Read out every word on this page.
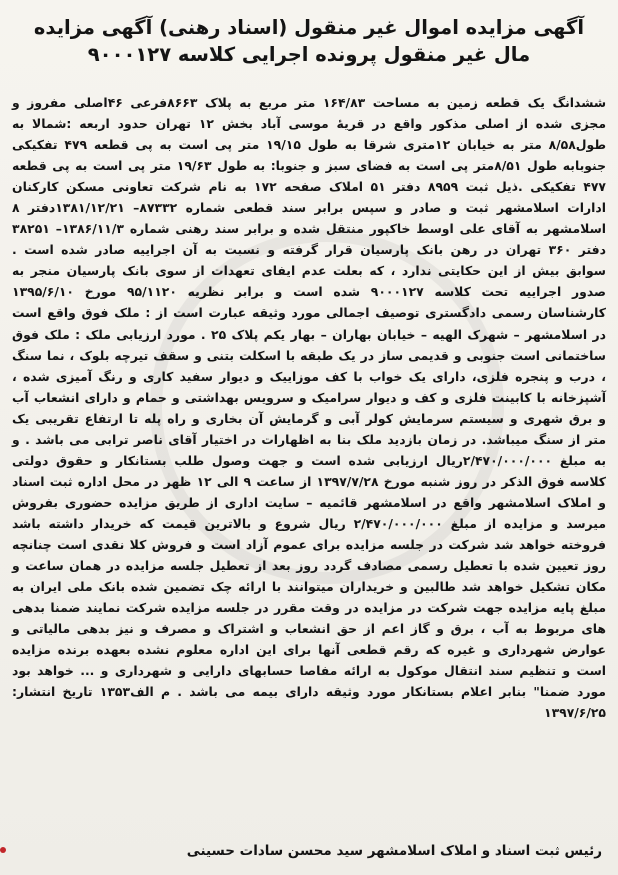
آگهی مزایده اموال غیر منقول (اسناد رهنی) آگهی مزایده مال غیر منقول پرونده اجرایی کلاسه ۹۰۰۰۱۲۷
ششدانگ یک قطعه زمین به مساحت ۱۶۴/۸۳ متر مربع به پلاک ۸۶۶۳فرعی ۴۶اصلی مفروز و مجزی شده از اصلی مذکور واقع در قریهٔ موسی آباد بخش ۱۲ تهران حدود اربعه :شمالا به طول۸/۵۸ متر به خیابان ۱۲متری شرقا به طول ۱۹/۱۵ متر پی است به پی قطعه ۴۷۹ تفکیکی جنوبابه طول ۸/۵۱متر پی است به فضای سبز و جنوبا: به طول ۱۹/۶۳ متر پی است به پی قطعه ۴۷۷ تفکیکی .ذیل ثبت ۸۹۵۹ دفتر ۵۱ املاک صفحه ۱۷۲ به نام شرکت تعاونی مسکن کارکنان ادارات اسلامشهر ثبت و صادر و سپس برابر سند قطعی شماره ۸۷۳۳۲– ۱۳۸۱/۱۲/۲۱دفتر ۸ اسلامشهر به آقای علی اوسط خاکپور منتقل شده و برابر سند رهنی شماره ۱۳۸۶/۱۱/۳– ۳۸۲۵۱ دفتر ۳۶۰ تهران در رهن بانک پارسیان قرار گرفته و نسبت به آن اجراییه صادر شده است . سوابق بیش از این حکایتی ندارد ، که بعلت عدم ایفای تعهدات از سوی بانک پارسیان منجر به صدور اجراییه تحت کلاسه ۹۰۰۰۱۲۷ شده است و برابر نظریه ۹۵/۱۱۲۰ مورخ ۱۳۹۵/۶/۱۰ کارشناسان رسمی دادگستری توصیف اجمالی مورد وثیقه عبارت است از : ملک فوق واقع است در اسلامشهر – شهرک الهیه – خیابان بهاران – بهار یکم پلاک ۲۵ . مورد ارزیابی ملک : ملک فوق ساختمانی است جنوبی و قدیمی ساز در یک طبقه با اسکلت بتنی و سقف تیرچه بلوک ، نما سنگ ، درب و پنجره فلزی، دارای یک خواب با کف موزاییک و دیوار سفید کاری و رنگ آمیزی شده ، آشپزخانه با کابینت فلزی و کف و دیوار سرامیک و سرویس بهداشتی و حمام و دارای انشعاب آب و برق شهری و سیستم سرمایش کولر آبی و گرمایش آن بخاری و راه پله تا ارتفاع تقریبی یک متر از سنگ میباشد. در زمان بازدید ملک بنا به اظهارات در اختیار آقای ناصر ترابی می باشد . و به مبلغ ۲/۴۷۰/۰۰۰/۰۰۰ریال ارزیابی شده است و جهت وصول طلب بستانکار و حقوق دولتی کلاسه فوق الذکر در روز شنبه مورخ ۱۳۹۷/۷/۲۸ از ساعت ۹ الی ۱۲ ظهر در محل اداره ثبت اسناد و املاک اسلامشهر واقع در اسلامشهر قائمیه – سایت اداری از طریق مزایده حضوری بفروش میرسد و مزایده از مبلغ ۲/۴۷۰/۰۰۰/۰۰۰ ریال شروع و بالاترین قیمت که خریدار داشته باشد فروخته خواهد شد شرکت در جلسه مزایده برای عموم آزاد است و فروش کلا نقدی است چنانچه روز تعیین شده با تعطیل رسمی مصادف گردد روز بعد از تعطیل جلسه مزایده در همان ساعت و مکان تشکیل خواهد شد طالبین و خریداران میتوانند با ارائه چک تضمین شده بانک ملی ایران به مبلغ پایه مزایده جهت شرکت در مزایده در وقت مقرر در جلسه مزایده شرکت نمایند ضمنا بدهی های مربوط به آب ، برق و گاز اعم از حق انشعاب و اشتراک و مصرف و نیز بدهی مالیاتی و عوارض شهرداری و غیره که رقم قطعی آنها برای این اداره معلوم نشده بعهده برنده مزایده است و تنظیم سند انتقال موکول به ارائه مفاصا حسابهای دارایی و شهرداری و ... خواهد بود مورد ضمنا" بنابر اعلام بستانکار مورد وثیقه دارای بیمه می باشد . م الف۱۳۵۳ تاریخ انتشار: ۱۳۹۷/۶/۲۵
رئیس ثبت اسناد و املاک اسلامشهر سید محسن سادات حسینی
